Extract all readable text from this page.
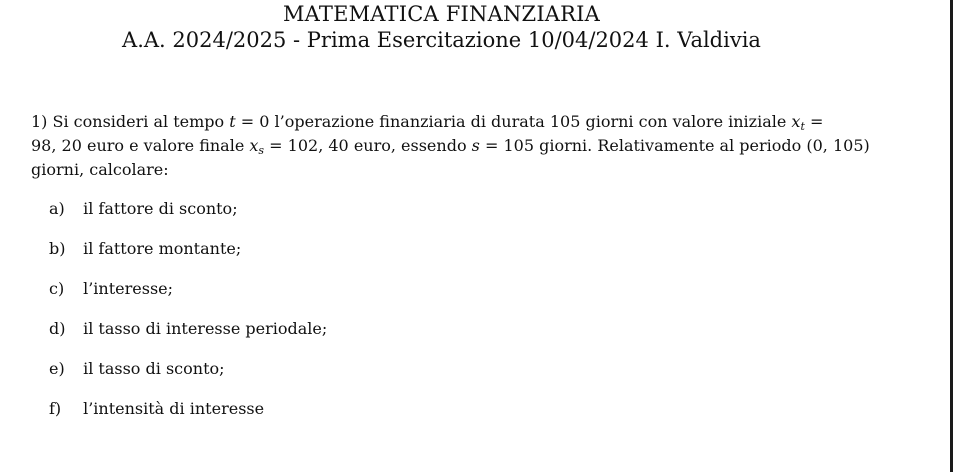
MATEMATICA FINANZIARIA
A.A. 2024/2025 - Prima Esercitazione 10/04/2024 I. Valdivia
1) Si consideri al tempo t = 0 l’operazione finanziaria di durata 105 giorni con valore iniziale $x_t$ =
98, 20 euro e valore finale $x_s = 102$, 40 euro, essendo s = 105 giorni. Relativamente al periodo (0, 105)
giorni, calcolare:
a) il fattore di sconto;
b) il fattore montante;
c) l’interesse;
d) il tasso di interesse periodale;
e) il tasso di sconto;
f) l’intensità di interesse
